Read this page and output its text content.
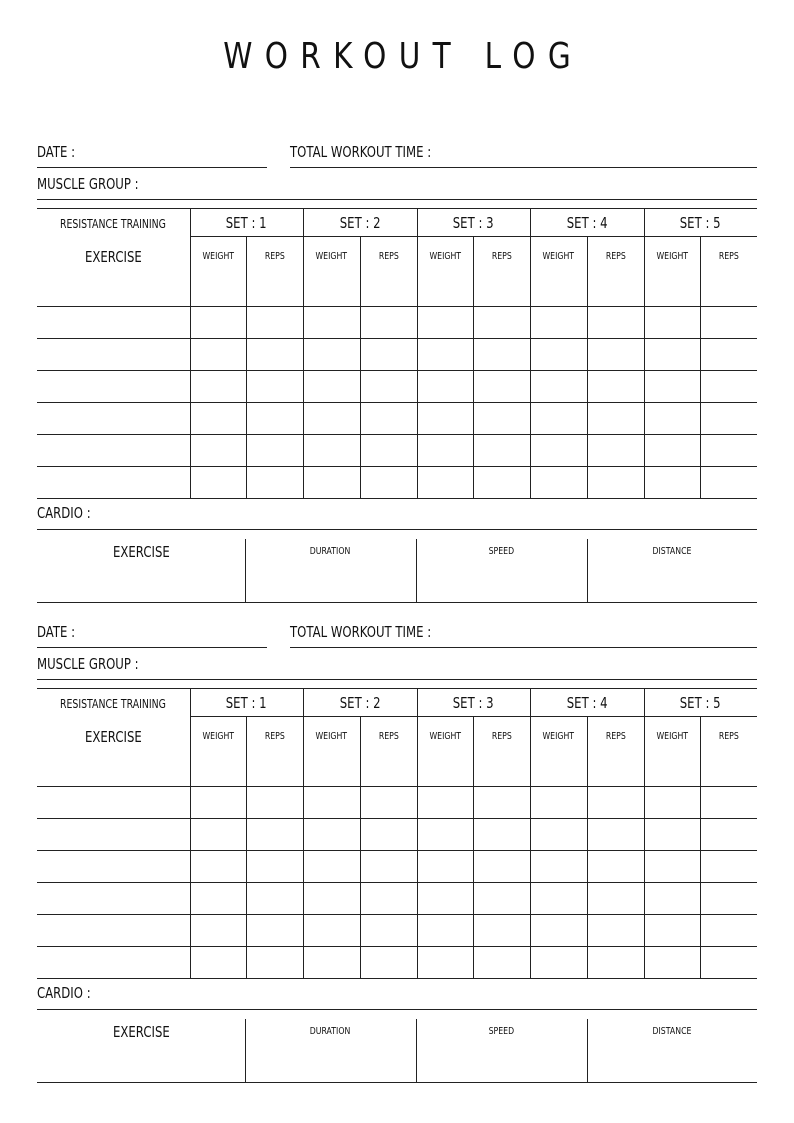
WORKOUT LOG
DATE :	TOTAL WORKOUT TIME :
MUSCLE GROUP :
RESISTANCE TRAINING
EXERCISE
SET : 1	SET : 2	SET : 3	SET : 4	SET : 5
WEIGHT	REPS	WEIGHT	REPS	WEIGHT	REPS	WEIGHT	REPS	WEIGHT	REPS
CARDIO :
EXERCISE	DURATION	SPEED	DISTANCE
DATE :	TOTAL WORKOUT TIME :
MUSCLE GROUP :
RESISTANCE TRAINING
EXERCISE
SET : 1	SET : 2	SET : 3	SET : 4	SET : 5
WEIGHT	REPS	WEIGHT	REPS	WEIGHT	REPS	WEIGHT	REPS	WEIGHT	REPS
CARDIO :
EXERCISE	DURATION	SPEED	DISTANCE
